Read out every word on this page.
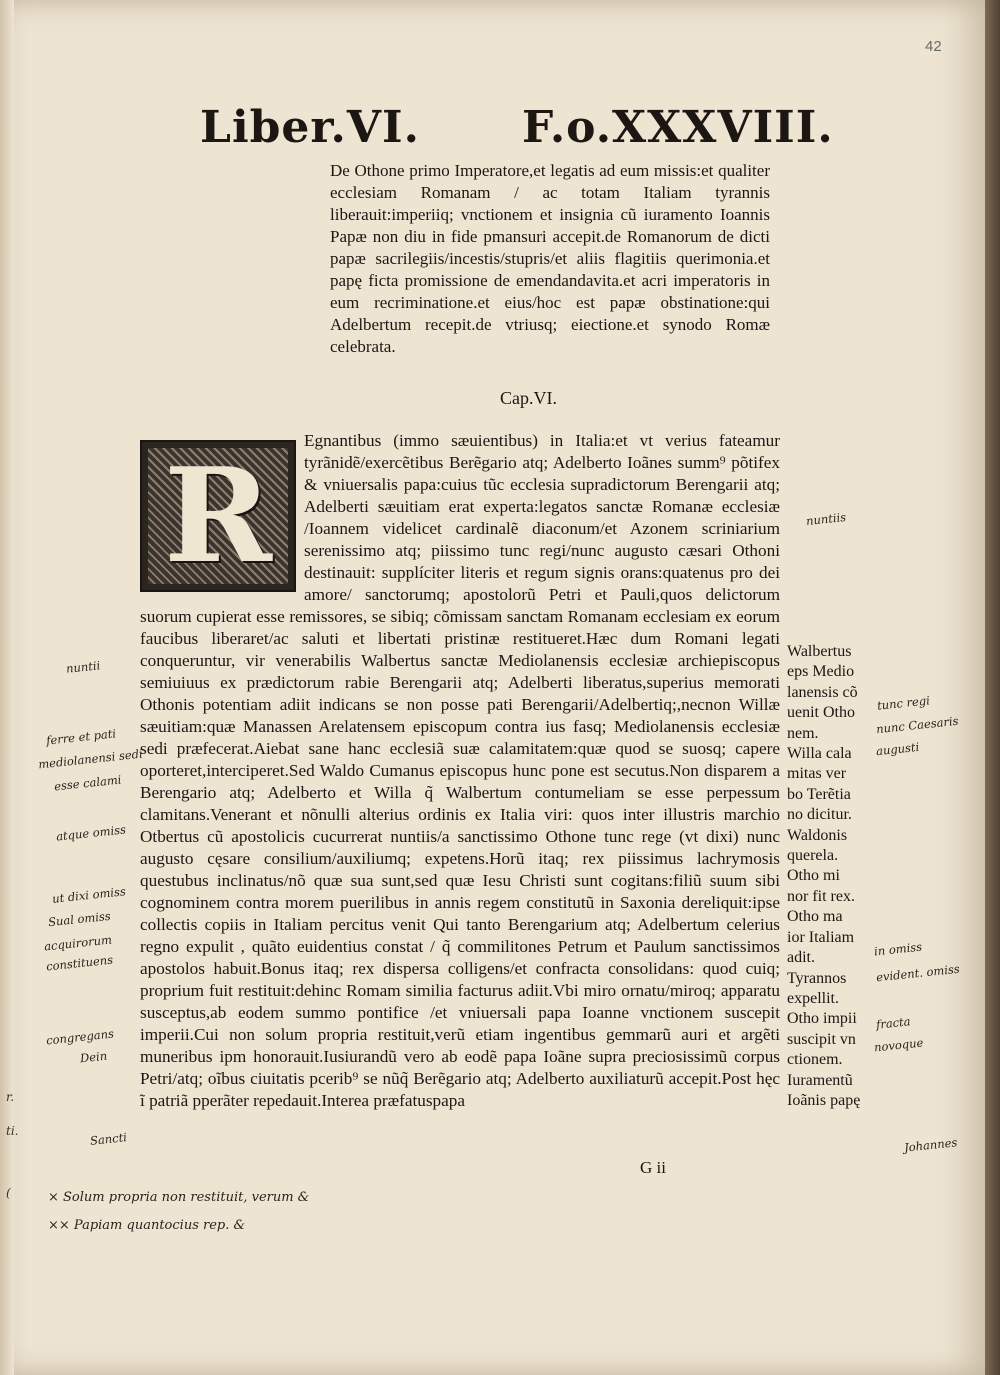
42
Liber.VI. F.o.XXXVIII.
De Othone primo Imperatore,et legatis ad eum missis:et qualiter ecclesiam Romanam / ac totam Italiam tyrannis liberauit:imperiiq; vnctionem et insignia cũ iuramento Ioannis Papæ non diu in fide pmansuri accepit.de Romanorum de dicti papæ sacrilegiis/incestis/stupris/et aliis flagitiis querimonia.et papę ficta promissione de emendandavita.et acri imperatoris in eum recriminatione.et eius/hoc est papæ obstinatione:qui Adelbertum recepit.de vtriusq; eiectione.et synodo Romæ celebrata.
Cap.VI.
R	Egnantibus (immo sæuientibus) in Italia:et vt verius fateamur tyrãnidẽ/exercẽtibus Berẽgario atq; Adelberto Ioãnes summ⁹ põtifex & vniuersalis papa:cuius tũc ecclesia supradictorum Berengarii atq; Adelberti sæuitiam erat experta:legatos sanctæ Romanæ ecclesiæ /Ioannem videlicet cardinalẽ diaconum/et Azonem scriniarium serenissimo atq; piissimo tunc regi/nunc augusto cæsari Othoni destinauit: supplíciter literis et regum signis orans:quatenus pro dei amore/ sanctorumq; apostolorũ Petri et Pauli,quos delictorum suorum cupierat esse remissores, se sibiq; cõmissam sanctam Romanam ecclesiam ex eorum faucibus liberaret/ac saluti et libertati pristinæ restitueret.Hæc dum Romani legati conqueruntur, vir venerabilis Walbertus sanctæ Mediolanensis ecclesiæ archiepiscopus semiuiuus ex prædictorum rabie Berengarii atq; Adelberti liberatus,superius memorati Othonis potentiam adiit indicans se non posse pati Berengarii/Adelbertiq;,necnon Willæ sæuitiam:quæ Manassen Arelatensem episcopum contra ius fasq; Mediolanensis ecclesiæ sedi præfecerat.Aiebat sane hanc ecclesiã suæ calamitatem:quæ quod se suosq; capere oporteret,interciperet.Sed Waldo Cumanus episcopus hunc pone est secutus.Non disparem a Berengario atq; Adelberto et Willa q̃ Walbertum contumeliam se esse perpessum clamitans.Venerant et nõnulli alterius ordinis ex Italia viri: quos inter illustris marchio Otbertus cũ apostolicis cucurrerat nuntiis/a sanctissimo Othone tunc rege (vt dixi) nunc augusto cęsare consilium/auxiliumq; expetens.Horũ itaq; rex piissimus lachrymosis questubus inclinatus/nõ quæ sua sunt,sed quæ Iesu Christi sunt cogitans:filiũ suum sibi cognominem contra morem puerilibus in annis regem constitutũ in Saxonia dereliquit:ipse collectis copiis in Italiam percitus venit Qui tanto Berengarium atq; Adelbertum celerius regno expulit , quãto euidentius constat / q̃ commilitones Petrum et Paulum sanctissimos apostolos habuit.Bonus itaq; rex dispersa colligens/et confracta consolidans: quod cuiq; proprium fuit restituit:dehinc Romam similia facturus adiit.Vbi miro ornatu/miroq; apparatu susceptus,ab eodem summo pontifice /et vniuersali papa Ioanne vnctionem suscepit imperii.Cui non solum propria restituit,verũ etiam ingentibus gemmarũ auri et argẽti muneribus ipm honorauit.Iusiurandũ vero ab eodẽ papa Ioãne supra preciosissimũ corpus Petri/atq; oĩbus ciuitatis pcerib⁹ se nũq̃ Berẽgario atq; Adelberto auxiliaturũ accepit.Post hęc ĩ patriã pperãter repedauit.Interea præfatuspapa
G ii
Walbertus
eps Medio
lanensis cõ
uenit Otho
nem.
Willa cala
mitas ver
bo Terẽtia
no dicitur.
Waldonis
querela.
Otho mi
nor fit rex.
Otho ma
ior Italiam
adit.
Tyrannos
expellit.
Otho impii
suscipit vn
ctionem.
Iuramentũ
Ioãnis papę
nuntii
ferre et pati
mediolanensi sedi
esse calami
atque omiss
ut dixi omiss
Sual omiss
acquirorum
constituens
congregans
Dein
Sancti
nuntiis
tunc regi
nunc Caesaris
augusti
in omiss
evident. omiss
fracta
novoque
Johannes
× Solum propria non restituit, verum &
×× Papiam quantocius rep. &
r.
ti.
(
